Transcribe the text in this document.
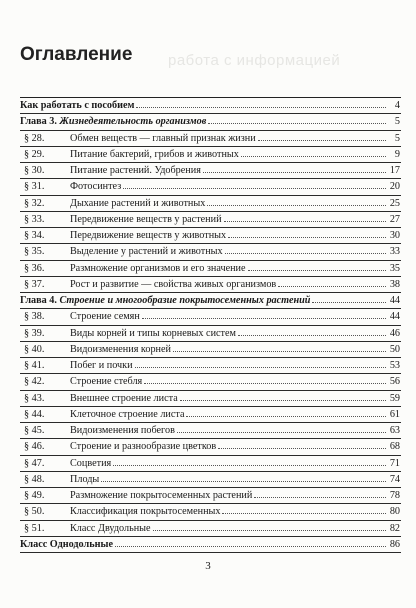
работа с информацией
Оглавление
Как работать с пособием	4
Глава 3. Жизнедеятельность организмов	5
§ 28.	Обмен веществ — главный признак жизни	5
§ 29.	Питание бактерий, грибов и животных	9
§ 30.	Питание растений. Удобрения	17
§ 31.	Фотосинтез	20
§ 32.	Дыхание растений и животных	25
§ 33.	Передвижение веществ у растений	27
§ 34.	Передвижение веществ у животных	30
§ 35.	Выделение у растений и животных	33
§ 36.	Размножение организмов и его значение	35
§ 37.	Рост и развитие — свойства живых организмов	38
Глава 4. Строение и многообразие покрытосеменных растений	44
§ 38.	Строение семян	44
§ 39.	Виды корней и типы корневых систем	46
§ 40.	Видоизменения корней	50
§ 41.	Побег и почки	53
§ 42.	Строение стебля	56
§ 43.	Внешнее строение листа	59
§ 44.	Клеточное строение листа	61
§ 45.	Видоизменения побегов	63
§ 46.	Строение и разнообразие цветков	68
§ 47.	Соцветия	71
§ 48.	Плоды	74
§ 49.	Размножение покрытосеменных растений	78
§ 50.	Классификация покрытосеменных	80
§ 51.	Класс Двудольные	82
Класс Однодольные	86
3
